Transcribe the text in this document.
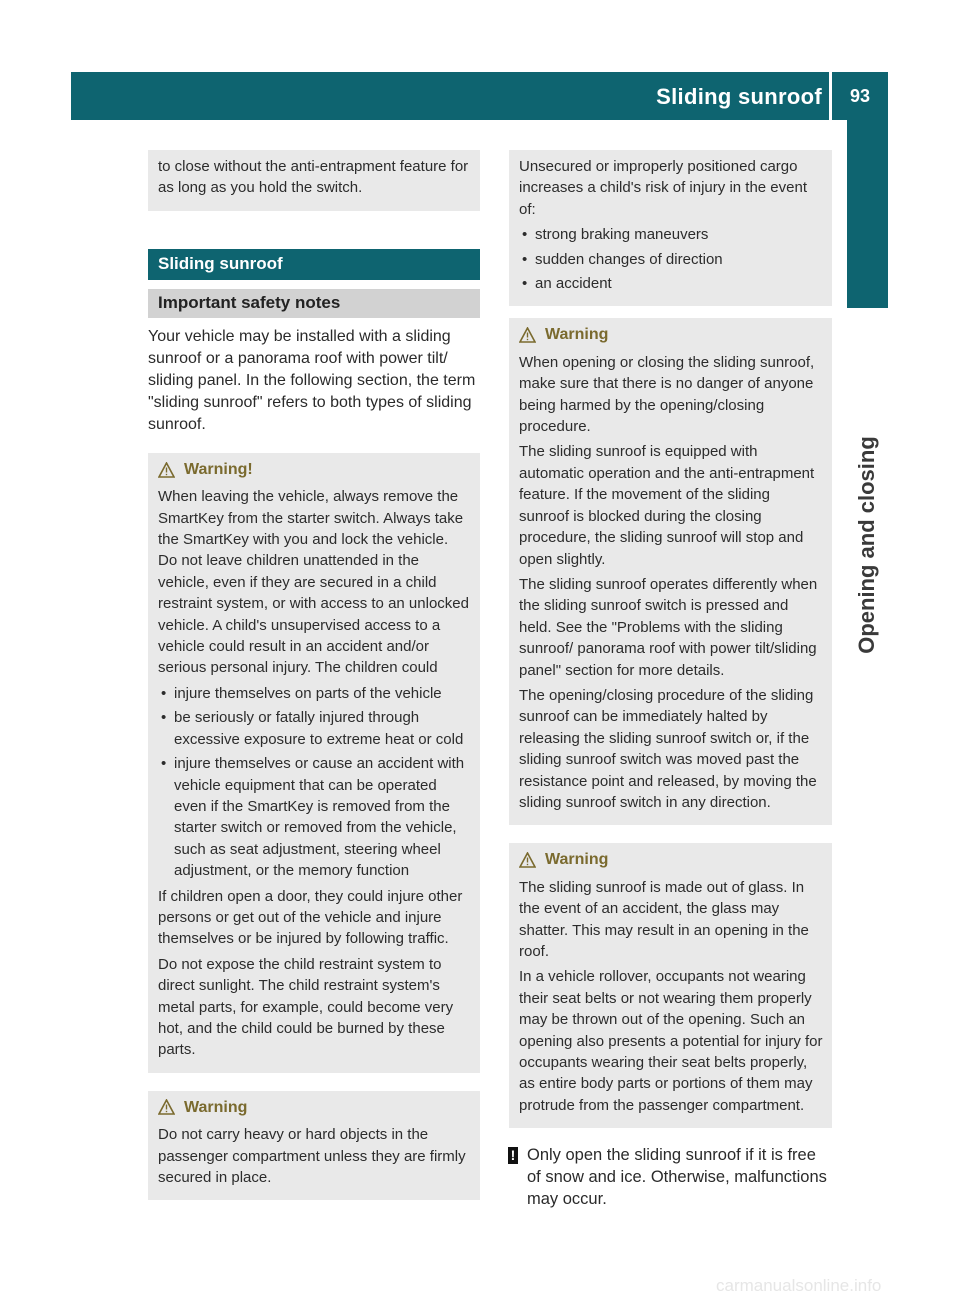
Sliding sunroof 93
Opening and closing

to close without the anti-entrapment feature for as long as you hold the switch.

Sliding sunroof
Important safety notes

Your vehicle may be installed with a sliding sunroof or a panorama roof with power tilt/ sliding panel. In the following section, the term "sliding sunroof" refers to both types of sliding sunroof.

Warning!

When leaving the vehicle, always remove the SmartKey from the starter switch. Always take the SmartKey with you and lock the vehicle. Do not leave children unattended in the vehicle, even if they are secured in a child restraint system, or with access to an unlocked vehicle. A child's unsupervised access to a vehicle could result in an accident and/or serious personal injury. The children could

• injure themselves on parts of the vehicle
• be seriously or fatally injured through excessive exposure to extreme heat or cold
• injure themselves or cause an accident with vehicle equipment that can be operated even if the SmartKey is removed from the starter switch or removed from the vehicle, such as seat adjustment, steering wheel adjustment, or the memory function

If children open a door, they could injure other persons or get out of the vehicle and injure themselves or be injured by following traffic.

Do not expose the child restraint system to direct sunlight. The child restraint system's metal parts, for example, could become very hot, and the child could be burned by these parts.

Warning

Do not carry heavy or hard objects in the passenger compartment unless they are firmly secured in place.

Unsecured or improperly positioned cargo increases a child's risk of injury in the event of:

• strong braking maneuvers
• sudden changes of direction
• an accident
Warning

When opening or closing the sliding sunroof, make sure that there is no danger of anyone being harmed by the opening/closing procedure.

The sliding sunroof is equipped with automatic operation and the anti-entrapment feature. If the movement of the sliding sunroof is blocked during the closing procedure, the sliding sunroof will stop and open slightly.

The sliding sunroof operates differently when the sliding sunroof switch is pressed and held. See the "Problems with the sliding sunroof/ panorama roof with power tilt/sliding panel" section for more details.

The opening/closing procedure of the sliding sunroof can be immediately halted by releasing the sliding sunroof switch or, if the sliding sunroof switch was moved past the resistance point and released, by moving the sliding sunroof switch in any direction.

Warning

The sliding sunroof is made out of glass. In the event of an accident, the glass may shatter. This may result in an opening in the roof.

In a vehicle rollover, occupants not wearing their seat belts or not wearing them properly may be thrown out of the opening. Such an opening also presents a potential for injury for occupants wearing their seat belts properly, as entire body parts or portions of them may protrude from the passenger compartment.

! Only open the sliding sunroof if it is free of snow and ice. Otherwise, malfunctions may occur.
carmanualsonline.info
